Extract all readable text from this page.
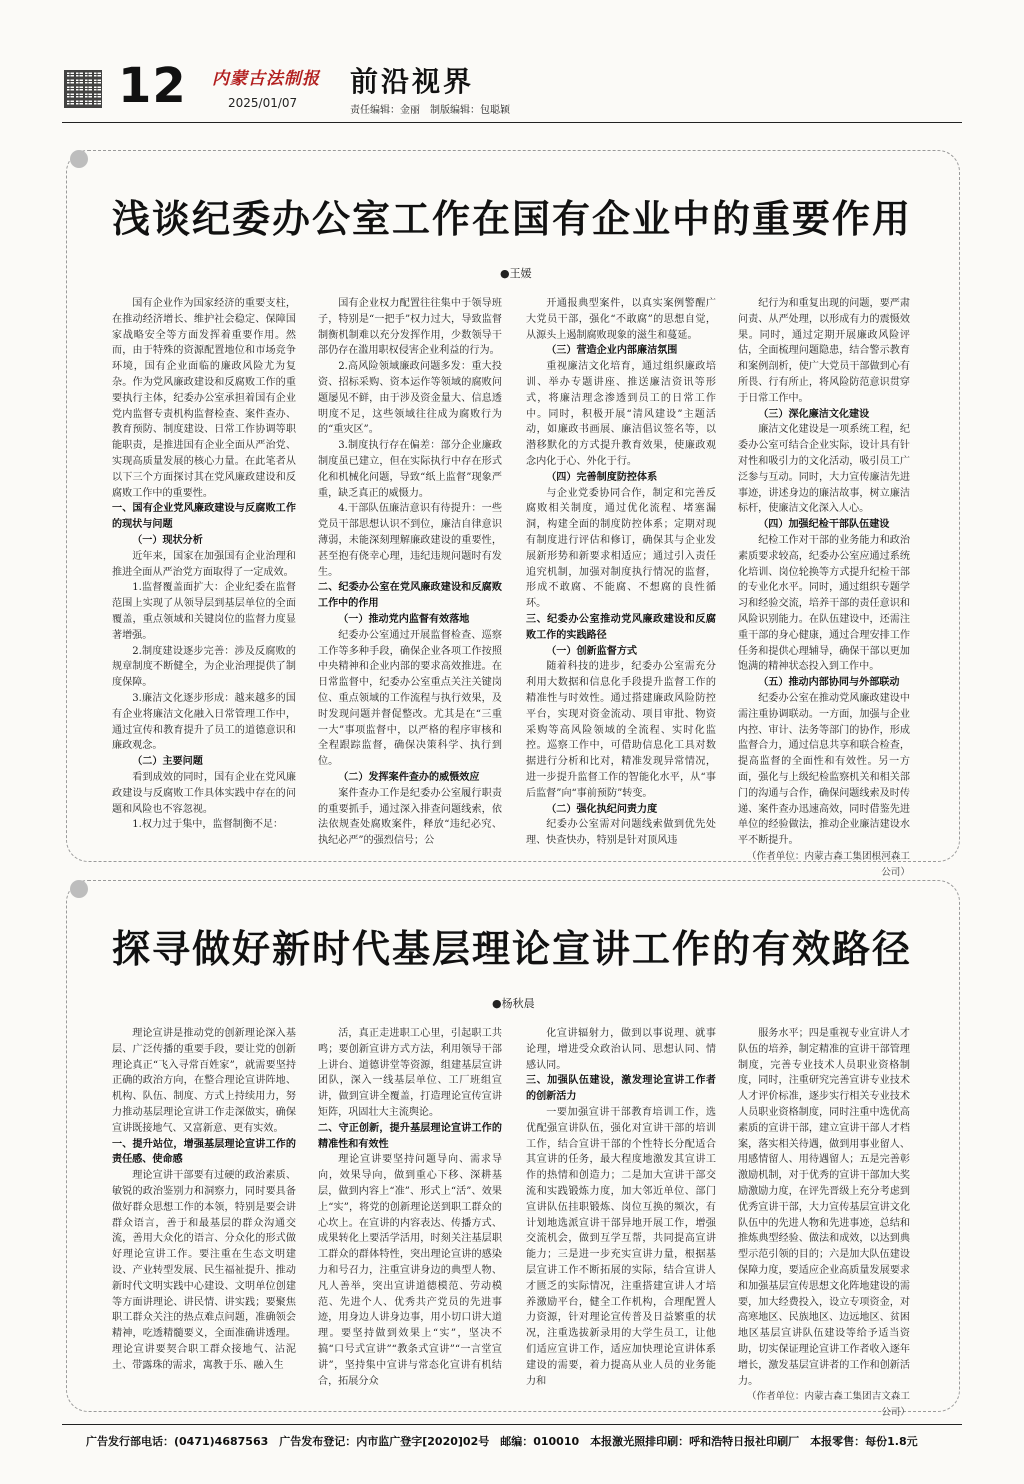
12 内蒙古法制报
2025/01/07
前沿视界
责任编辑：金丽　制版编辑：包聪颖
浅谈纪委办公室工作在国有企业中的重要作用
●王媛

国有企业作为国家经济的重要支柱，在推动经济增长、维护社会稳定、保障国家战略安全等方面发挥着重要作用。然而，由于特殊的资源配置地位和市场竞争环境，国有企业面临的廉政风险尤为复杂。作为党风廉政建设和反腐败工作的重要执行主体，纪委办公室承担着国有企业党内监督专责机构监督检查、案件查办、教育预防、制度建设、日常工作协调等职能职责，是推进国有企业全面从严治党、实现高质量发展的核心力量。在此笔者从以下三个方面探讨其在党风廉政建设和反腐败工作中的重要性。

一、国有企业党风廉政建设与反腐败工作的现状与问题

（一）现状分析

近年来，国家在加强国有企业治理和推进全面从严治党方面取得了一定成效。

1.监督覆盖面扩大：企业纪委在监督范围上实现了从领导层到基层单位的全面覆盖，重点领域和关键岗位的监督力度显著增强。

2.制度建设逐步完善：涉及反腐败的规章制度不断健全，为企业治理提供了制度保障。

3.廉洁文化逐步形成：越来越多的国有企业将廉洁文化融入日常管理工作中，通过宣传和教育提升了员工的道德意识和廉政观念。

（二）主要问题

看到成效的同时，国有企业在党风廉政建设与反腐败工作具体实践中存在的问题和风险也不容忽视。

1.权力过于集中，监督制衡不足：

国有企业权力配置往往集中于领导班子，特别是“一把手”权力过大，导致监督制衡机制难以充分发挥作用，少数领导干部仍存在滥用职权侵害企业利益的行为。

2.高风险领域廉政问题多发：重大投资、招标采购、资本运作等领域的腐败问题屡见不鲜，由于涉及资金量大、信息透明度不足，这些领域往往成为腐败行为的“重灾区”。

3.制度执行存在偏差：部分企业廉政制度虽已建立，但在实际执行中存在形式化和机械化问题，导致“纸上监督”现象严重，缺乏真正的威慑力。

4.干部队伍廉洁意识有待提升：一些党员干部思想认识不到位，廉洁自律意识薄弱，未能深刻理解廉政建设的重要性，甚至抱有侥幸心理，违纪违规问题时有发生。

二、纪委办公室在党风廉政建设和反腐败工作中的作用

（一）推动党内监督有效落地

纪委办公室通过开展监督检查、巡察工作等多种手段，确保企业各项工作按照中央精神和企业内部的要求高效推进。在日常监督中，纪委办公室重点关注关键岗位、重点领域的工作流程与执行效果，及时发现问题并督促整改。尤其是在“三重一大”事项监督中，以严格的程序审核和全程跟踪监督，确保决策科学、执行到位。

（二）发挥案件查办的威慑效应

案件查办工作是纪委办公室履行职责的重要抓手，通过深入排查问题线索，依法依规查处腐败案件，释放“违纪必究、执纪必严”的强烈信号；公

开通报典型案件，以真实案例警醒广大党员干部，强化“不敢腐”的思想自觉，从源头上遏制腐败现象的滋生和蔓延。

（三）营造企业内部廉洁氛围

重视廉洁文化培育，通过组织廉政培训、举办专题讲座、推送廉洁资讯等形式，将廉洁理念渗透到员工的日常工作中。同时，积极开展“清风建设”主题活动，如廉政书画展、廉洁倡议签名等，以潜移默化的方式提升教育效果，使廉政观念内化于心、外化于行。

（四）完善制度防控体系

与企业党委协同合作，制定和完善反腐败相关制度，通过优化流程、堵塞漏洞，构建全面的制度防控体系；定期对现有制度进行评估和修订，确保其与企业发展新形势和新要求相适应；通过引入责任追究机制，加强对制度执行情况的监督，形成不敢腐、不能腐、不想腐的良性循环。

三、纪委办公室推动党风廉政建设和反腐败工作的实践路径

（一）创新监督方式

随着科技的进步，纪委办公室需充分利用大数据和信息化手段提升监督工作的精准性与时效性。通过搭建廉政风险防控平台，实现对资金流动、项目审批、物资采购等高风险领域的全流程、实时化监控。巡察工作中，可借助信息化工具对数据进行分析和比对，精准发现异常情况，进一步提升监督工作的智能化水平，从“事后监督”向“事前预防”转变。

（二）强化执纪问责力度

纪委办公室需对问题线索做到优先处理、快查快办，特别是针对顶风违

纪行为和重复出现的问题，要严肃问责、从严处理，以形成有力的震慑效果。同时，通过定期开展廉政风险评估，全面梳理问题隐患，结合警示教育和案例剖析，使广大党员干部做到心有所畏、行有所止，将风险防范意识贯穿于日常工作中。

（三）深化廉洁文化建设

廉洁文化建设是一项系统工程，纪委办公室可结合企业实际，设计具有针对性和吸引力的文化活动，吸引员工广泛参与互动。同时，大力宣传廉洁先进事迹，讲述身边的廉洁故事，树立廉洁标杆，使廉洁文化深入人心。

（四）加强纪检干部队伍建设

纪检工作对干部的业务能力和政治素质要求较高，纪委办公室应通过系统化培训、岗位轮换等方式提升纪检干部的专业化水平。同时，通过组织专题学习和经验交流，培养干部的责任意识和风险识别能力。在队伍建设中，还需注重干部的身心健康，通过合理安排工作任务和提供心理辅导，确保干部以更加饱满的精神状态投入到工作中。

（五）推动内部协同与外部联动

纪委办公室在推动党风廉政建设中需注重协调联动。一方面，加强与企业内控、审计、法务等部门的协作，形成监督合力，通过信息共享和联合检查，提高监督的全面性和有效性。另一方面，强化与上级纪检监察机关和相关部门的沟通与合作，确保问题线索及时传递、案件查办迅速高效，同时借鉴先进单位的经验做法，推动企业廉洁建设水平不断提升。

（作者单位：内蒙古森工集团根河森工公司）

探寻做好新时代基层理论宣讲工作的有效路径
●杨秋晨

理论宣讲是推动党的创新理论深入基层、广泛传播的重要手段，要让党的创新理论真正“飞入寻常百姓家”，就需要坚持正确的政治方向，在整合理论宣讲阵地、机构、队伍、制度、方式上持续用力，努力推动基层理论宣讲工作走深做实，确保宣讲既接地气、又富新意、更有实效。

一、提升站位，增强基层理论宣讲工作的责任感、使命感

理论宣讲干部要有过硬的政治素质、敏锐的政治鉴别力和洞察力，同时要具备做好群众思想工作的本领，特别是要会讲群众语言，善于和最基层的群众沟通交流，善用大众化的语言、分众化的形式做好理论宣讲工作。要注重在生态文明建设、产业转型发展、民生福祉提升、推动新时代文明实践中心建设、文明单位创建等方面讲理论、讲民情、讲实践；要聚焦职工群众关注的热点难点问题，准确领会精神，吃透精髓要义，全面准确讲透理。理论宣讲要契合职工群众接地气、沾泥土、带露珠的需求，寓教于乐、融入生

活，真正走进职工心里，引起职工共鸣；要创新宣讲方式方法，利用领导干部上讲台、道德讲堂等资源，组建基层宣讲团队，深入一线基层单位、工厂班组宣讲，做到宣讲全覆盖，打造理论宣传宣讲矩阵，巩固壮大主流舆论。

二、守正创新，提升基层理论宣讲工作的精准性和有效性

理论宣讲要坚持问题导向、需求导向，效果导向，做到重心下移、深耕基层，做到内容上“准”、形式上“活”、效果上“实”，将党的创新理论送到职工群众的心坎上。在宣讲的内容表达、传播方式、成果转化上要活学活用，时刻关注基层职工群众的群体特性，突出理论宣讲的感染力和号召力，注重宣讲身边的典型人物、凡人善举，突出宣讲道德模范、劳动模范、先进个人、优秀共产党员的先进事迹，用身边人讲身边事，用小切口讲大道理。要坚持做到效果上“实”，坚决不搞“口号式宣讲”“教条式宣讲”“一言堂宣讲”，坚持集中宣讲与常态化宣讲有机结合，拓展分众

化宣讲辐射力，做到以事说理、就事论理，增进受众政治认同、思想认同、情感认同。

三、加强队伍建设，激发理论宣讲工作者的创新活力

一要加强宣讲干部教育培训工作，选优配强宣讲队伍，强化对宣讲干部的培训工作，结合宣讲干部的个性特长分配适合其宣讲的任务，最大程度地激发其宣讲工作的热情和创造力；二是加大宣讲干部交流和实践锻炼力度，加大邻近单位、部门宣讲队伍挂职锻炼、岗位互换的频次，有计划地选派宣讲干部异地开展工作，增强交流机会，做到互学互帮，共同提高宣讲能力；三是进一步充实宣讲力量，根据基层宣讲工作不断拓展的实际，结合宣讲人才匮乏的实际情况，注重搭建宣讲人才培养激励平台，健全工作机构，合理配置人力资源，针对理论宣传普及日益繁重的状况，注重选拔新录用的大学生员工，让他们适应宣讲工作，适应加快理论宣讲体系建设的需要，着力提高从业人员的业务能力和

服务水平；四是重视专业宣讲人才队伍的培养，制定精准的宣讲干部管理制度，完善专业技术人员职业资格制度，同时，注重研究完善宣讲专业技术人才评价标准，逐步实行相关专业技术人员职业资格制度，同时注重中选优高素质的宣讲干部，建立宣讲干部人才档案，落实相关待遇，做到用事业留人、用感情留人、用待遇留人；五是完善彰激励机制，对于优秀的宣讲干部加大奖励激励力度，在评先晋级上充分考虑到优秀宣讲干部，大力宣传基层宣讲文化队伍中的先进人物和先进事迹，总结和推炼典型经验、做法和成效，以达到典型示范引领的目的；六是加大队伍建设保障力度，要适应企业高质量发展要求和加强基层宣传思想文化阵地建设的需要，加大经费投入，设立专项资金，对高寒地区、民族地区、边远地区、贫困地区基层宣讲队伍建设等给予适当资助，切实保证理论宣讲工作者收入逐年增长，激发基层宣讲者的工作和创新活力。

（作者单位：内蒙古森工集团吉文森工公司）

广告发行部电话：(0471)4687563　广告发布登记：内市监广登字[2020]02号　邮编：010010　本报激光照排印刷：呼和浩特日报社印刷厂　本报零售：每份1.8元
